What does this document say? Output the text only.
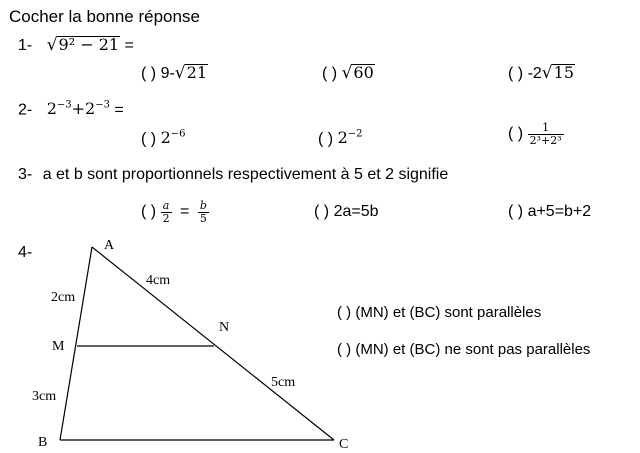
Cocher la bonne réponse
1- √9² − 21 =
( ) 9-√21	( ) √60	( ) -2√15
2- $2^{-3}+2^{-3}$ =
( ) $2^{-6}$	( ) $2^{-2}$	( ) $\frac{1}{\text{2³+2³}}$
3- a et b sont proportionnels respectivement à 5 et 2 signifie
( ) $\frac{a}{2} = \frac{b}{5}$	( ) 2a=5b	( ) a+5=b+2
4-	A
B	C
M
N
2cm
3cm
4cm
5cm
( ) (MN) et (BC) sont parallèles
( ) (MN) et (BC) ne sont pas parallèles
